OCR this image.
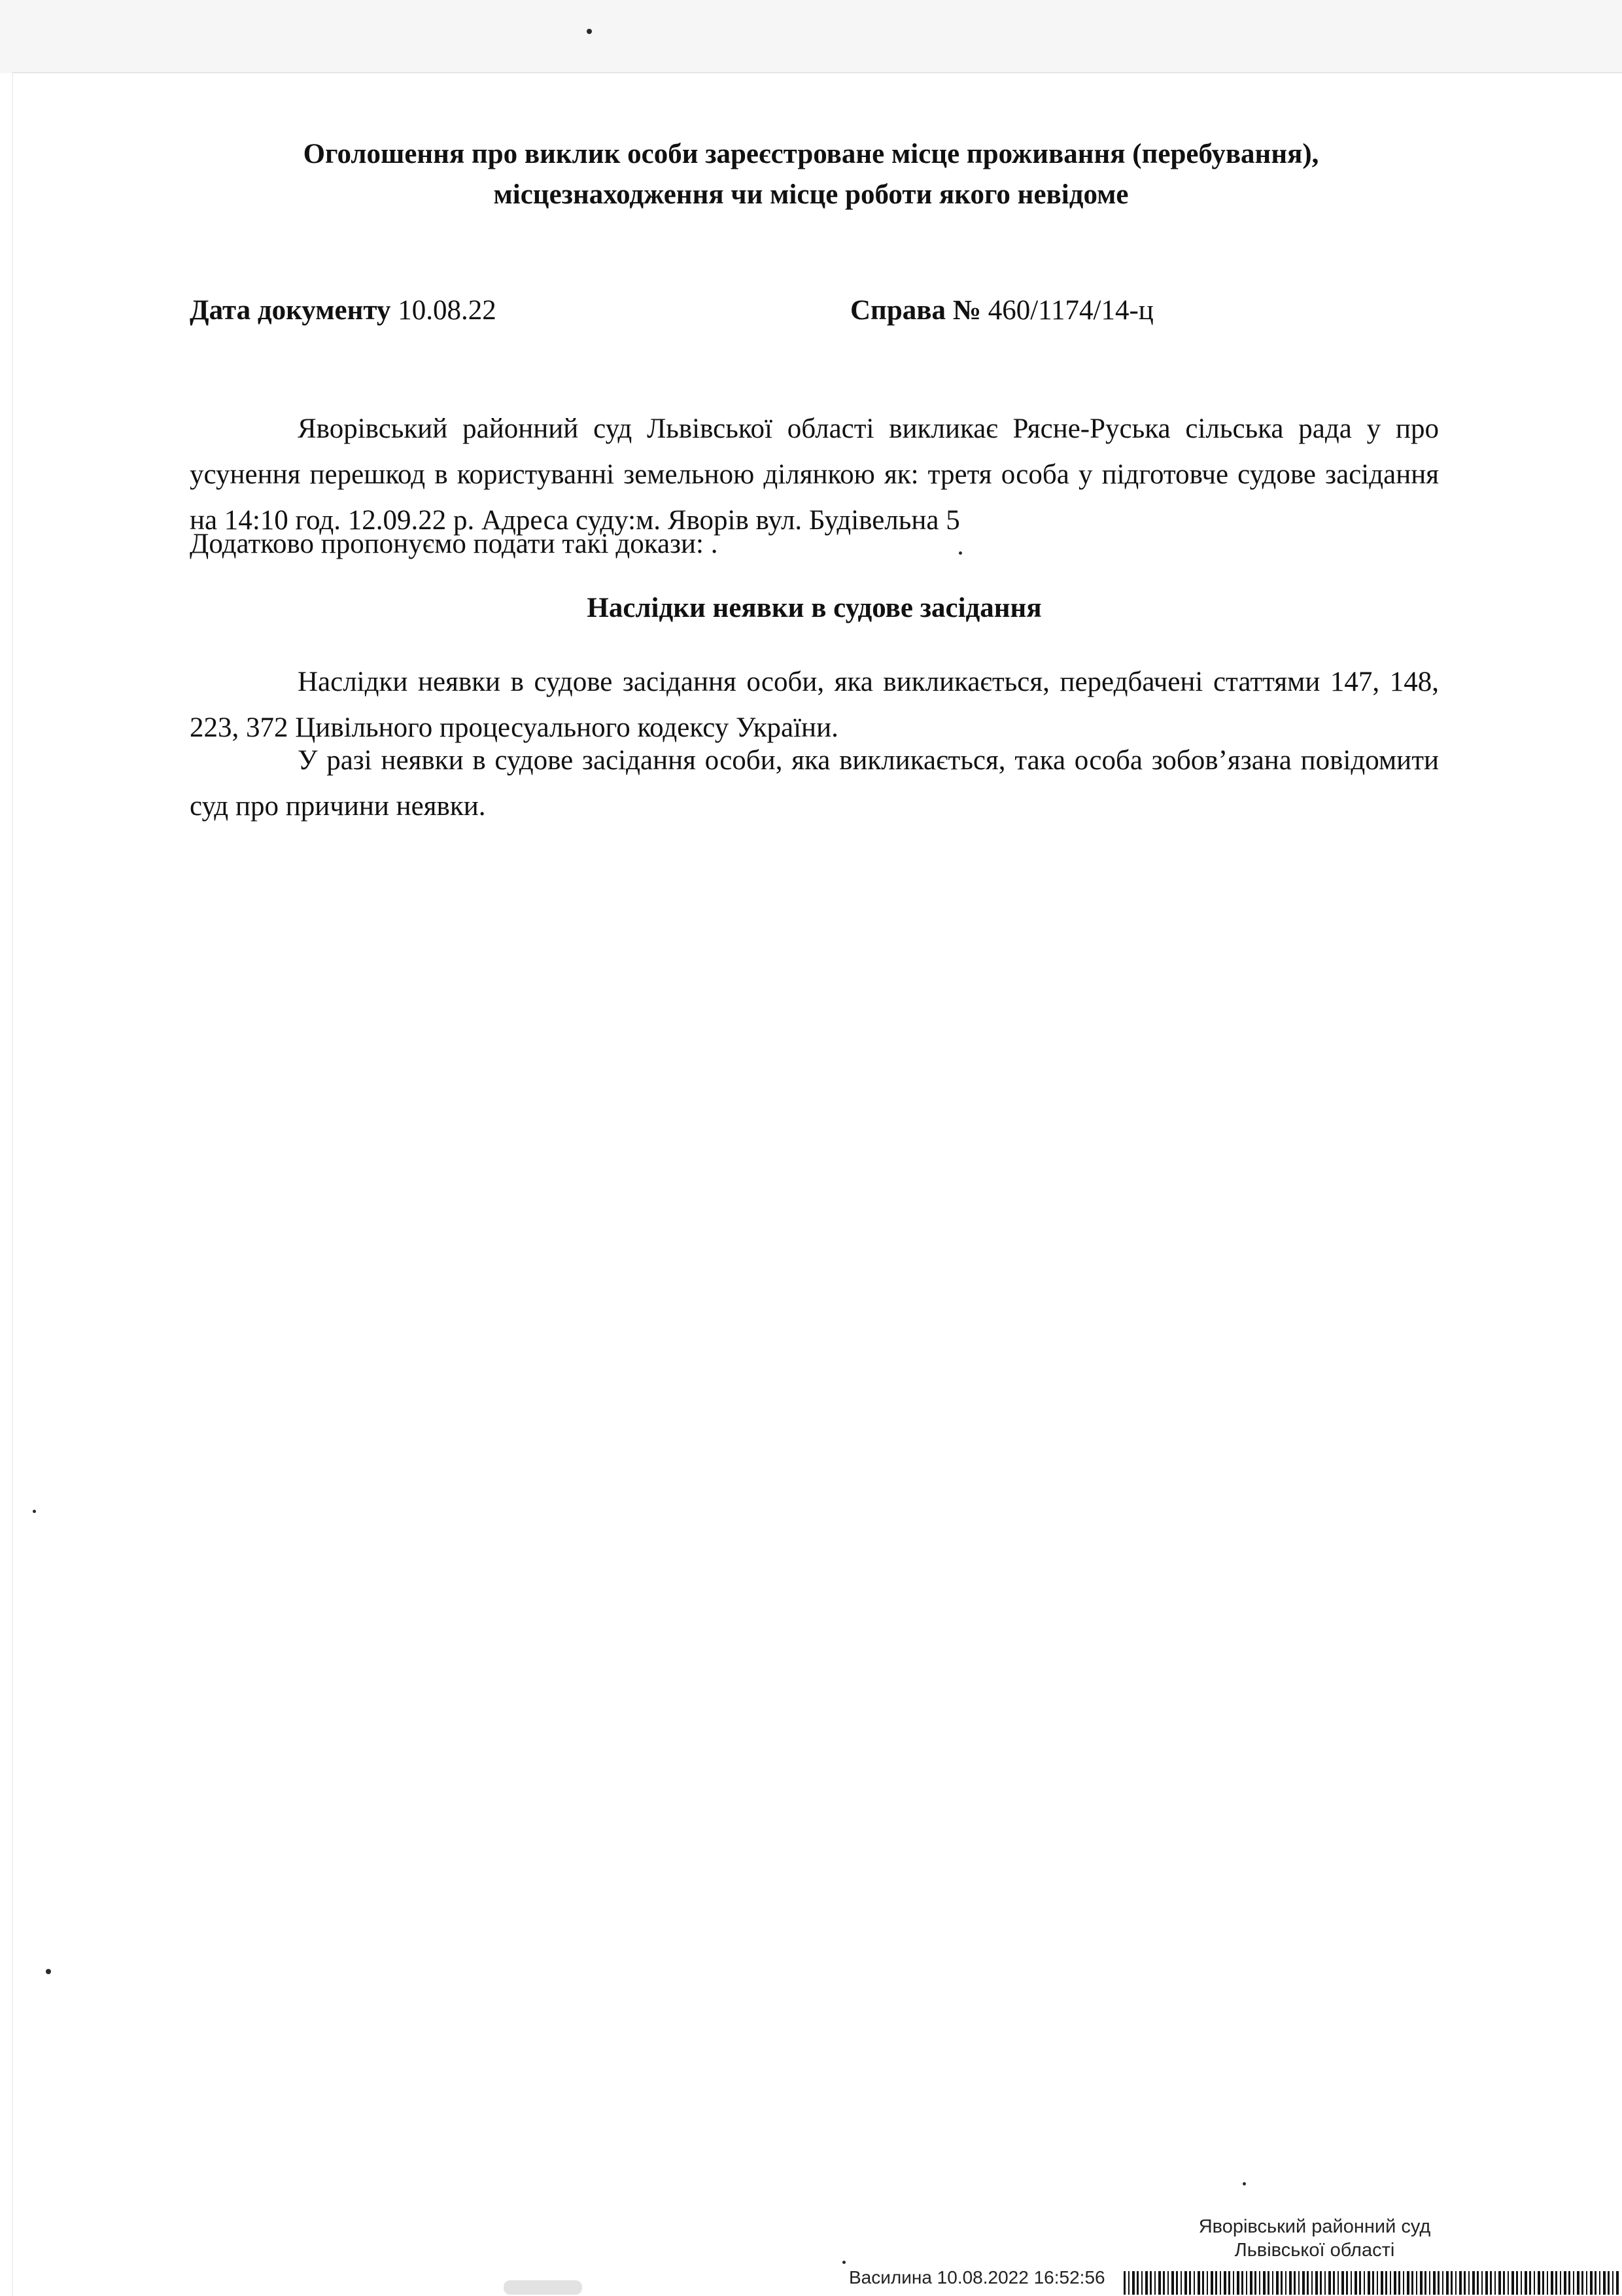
Оголошення про виклик особи зареєстроване місце проживання (перебування),
місцезнаходження чи місце роботи якого невідоме
Дата документу 10.08.22	Справа № 460/1174/14-ц
Яворівський районний суд Львівської області викликає Рясне-Руська сільська рада у про усунення перешкод в користуванні земельною ділянкою як: третя особа у підготовче судове засідання на 14:10 год. 12.09.22 р. Адреса суду:м. Яворів вул. Будівельна 5
Додатково пропонуємо подати такі докази: .
Наслідки неявки в судове засідання
Наслідки неявки в судове засідання особи, яка викликається, передбачені статтями 147, 148, 223, 372 Цивільного процесуального кодексу України.
У разі неявки в судове засідання особи, яка викликається, така особа зобов’язана повідомити суд про причини неявки.
Яворівський районний суд
Львівської області
Василина 10.08.2022 16:52:56
